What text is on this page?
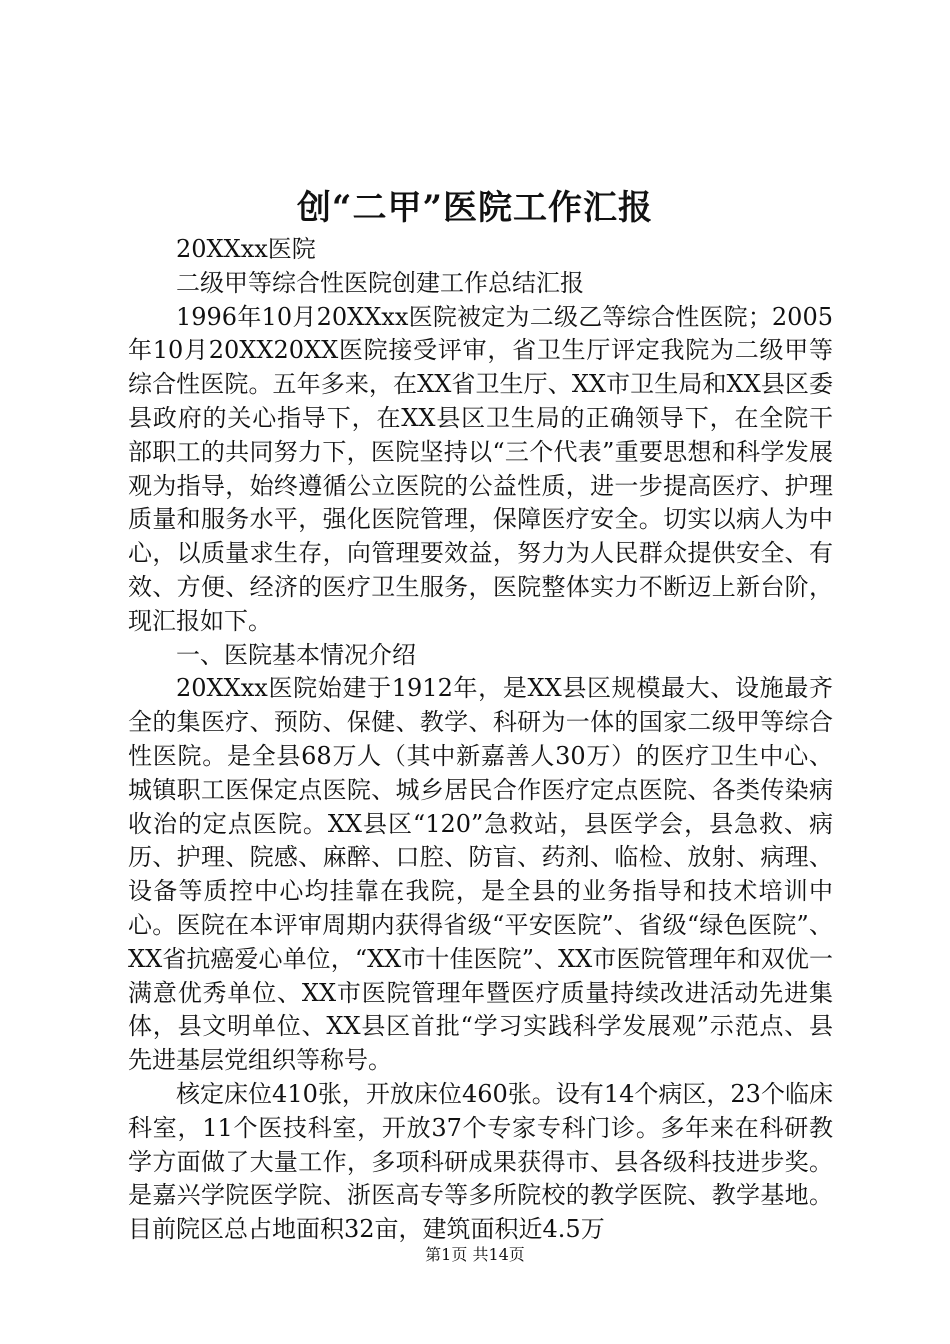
创“二甲”医院工作汇报

20XXxx医院

二级甲等综合性医院创建工作总结汇报

1996年10月20XXxx医院被定为二级乙等综合性医院；2005年10月20XX20XX医院接受评审，省卫生厅评定我院为二级甲等综合性医院。五年多来，在XX省卫生厅、XX市卫生局和XX县区委县政府的关心指导下，在XX县区卫生局的正确领导下，在全院干部职工的共同努力下，医院坚持以“三个代表”重要思想和科学发展观为指导，始终遵循公立医院的公益性质，进一步提高医疗、护理质量和服务水平，强化医院管理，保障医疗安全。切实以病人为中心，以质量求生存，向管理要效益，努力为人民群众提供安全、有效、方便、经济的医疗卫生服务，医院整体实力不断迈上新台阶，现汇报如下。

一、医院基本情况介绍

20XXxx医院始建于1912年，是XX县区规模最大、设施最齐全的集医疗、预防、保健、教学、科研为一体的国家二级甲等综合性医院。是全县68万人（其中新嘉善人30万）的医疗卫生中心、城镇职工医保定点医院、城乡居民合作医疗定点医院、各类传染病收治的定点医院。XX县区“120”急救站，县医学会，县急救、病历、护理、院感、麻醉、口腔、防盲、药剂、临检、放射、病理、设备等质控中心均挂靠在我院，是全县的业务指导和技术培训中心。医院在本评审周期内获得省级“平安医院”、省级“绿色医院”、XX省抗癌爱心单位，“XX市十佳医院”、XX市医院管理年和双优一满意优秀单位、XX市医院管理年暨医疗质量持续改进活动先进集体，县文明单位、XX县区首批“学习实践科学发展观”示范点、县先进基层党组织等称号。

核定床位410张，开放床位460张。设有14个病区，23个临床科室，11个医技科室，开放37个专家专科门诊。多年来在科研教学方面做了大量工作，多项科研成果获得市、县各级科技进步奖。是嘉兴学院医学院、浙医高专等多所院校的教学医院、教学基地。目前院区总占地面积32亩，建筑面积近4.5万

第1页 共14页
